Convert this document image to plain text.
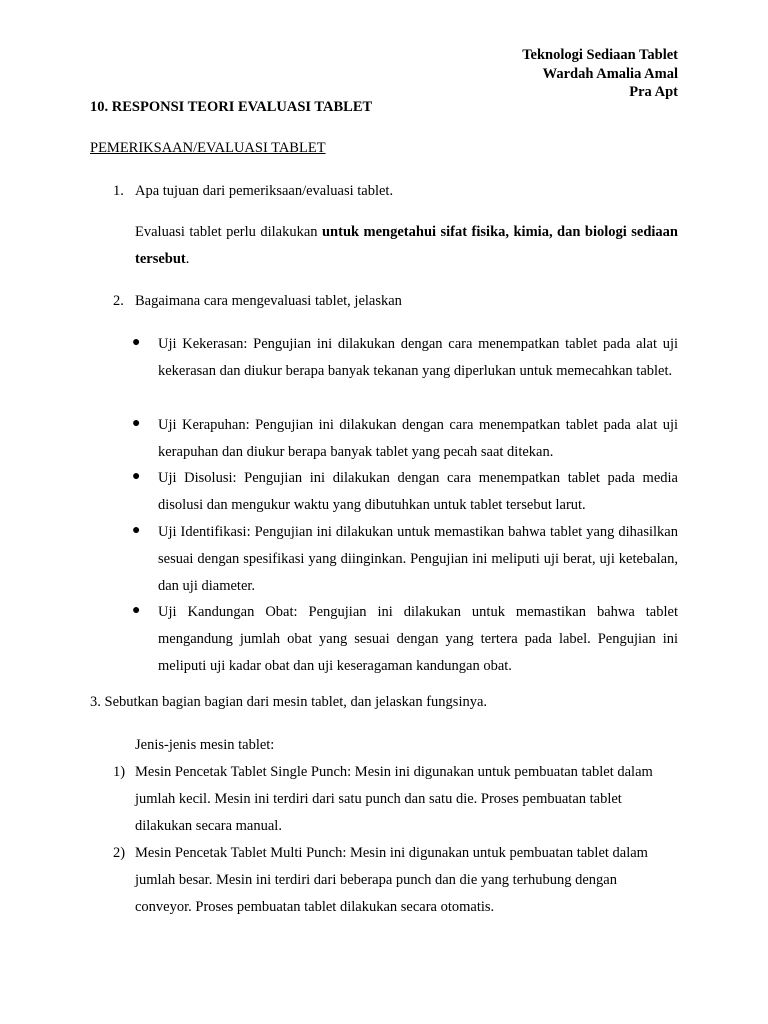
Teknologi Sediaan Tablet
Wardah Amalia Amal
Pra Apt
10. RESPONSI TEORI EVALUASI TABLET
PEMERIKSAAN/EVALUASI TABLET
1. Apa tujuan dari pemeriksaan/evaluasi tablet.
Evaluasi tablet perlu dilakukan untuk mengetahui sifat fisika, kimia, dan biologi sediaan tersebut.
2. Bagaimana cara mengevaluasi tablet, jelaskan
● Uji Kekerasan: Pengujian ini dilakukan dengan cara menempatkan tablet pada alat uji kekerasan dan diukur berapa banyak tekanan yang diperlukan untuk memecahkan tablet.
● Uji Kerapuhan: Pengujian ini dilakukan dengan cara menempatkan tablet pada alat uji kerapuhan dan diukur berapa banyak tablet yang pecah saat ditekan.
● Uji Disolusi: Pengujian ini dilakukan dengan cara menempatkan tablet pada media disolusi dan mengukur waktu yang dibutuhkan untuk tablet tersebut larut.
● Uji Identifikasi: Pengujian ini dilakukan untuk memastikan bahwa tablet yang dihasilkan sesuai dengan spesifikasi yang diinginkan. Pengujian ini meliputi uji berat, uji ketebalan, dan uji diameter.
● Uji Kandungan Obat: Pengujian ini dilakukan untuk memastikan bahwa tablet mengandung jumlah obat yang sesuai dengan yang tertera pada label. Pengujian ini meliputi uji kadar obat dan uji keseragaman kandungan obat.
3. Sebutkan bagian bagian dari mesin tablet, dan jelaskan fungsinya.
Jenis-jenis mesin tablet:
1) Mesin Pencetak Tablet Single Punch: Mesin ini digunakan untuk pembuatan tablet dalam
jumlah kecil. Mesin ini terdiri dari satu punch dan satu die. Proses pembuatan tablet
dilakukan secara manual.
2) Mesin Pencetak Tablet Multi Punch: Mesin ini digunakan untuk pembuatan tablet dalam
jumlah besar. Mesin ini terdiri dari beberapa punch dan die yang terhubung dengan
conveyor. Proses pembuatan tablet dilakukan secara otomatis.
